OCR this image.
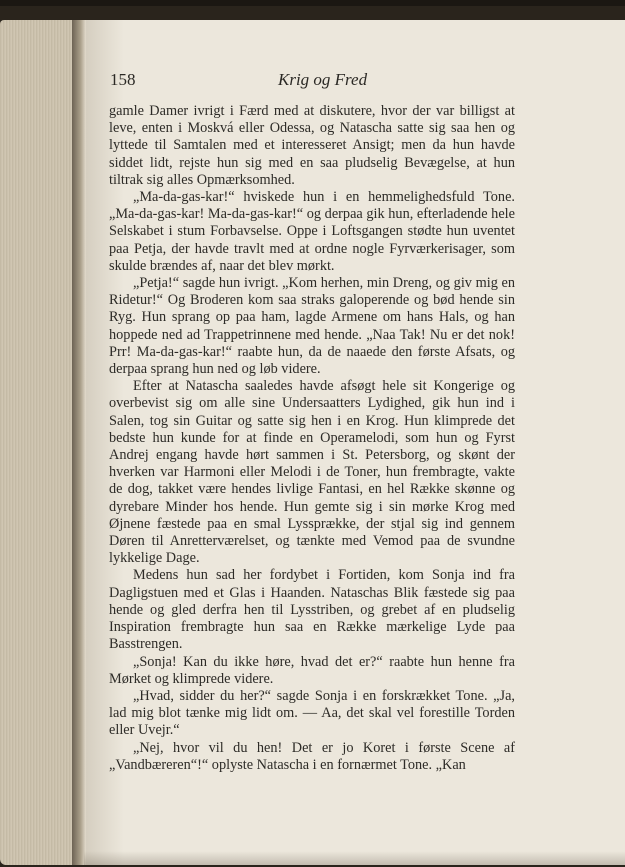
158	Krig og Fred

gamle Damer ivrigt i Færd med at diskutere, hvor der var billigst at leve, enten i Moskvá eller Odessa, og Natascha satte sig saa hen og lyttede til Samtalen med et interesseret Ansigt; men da hun havde siddet lidt, rejste hun sig med en saa pludselig Bevægelse, at hun tiltrak sig alles Opmærksomhed.

„Ma-da-gas-kar!“ hviskede hun i en hemmelighedsfuld Tone. „Ma-da-gas-kar! Ma-da-gas-kar!“ og derpaa gik hun, efterladende hele Selskabet i stum Forbavselse. Oppe i Loftsgangen stødte hun uventet paa Petja, der havde travlt med at ordne nogle Fyrværkerisager, som skulde brændes af, naar det blev mørkt.

„Petja!“ sagde hun ivrigt. „Kom herhen, min Dreng, og giv mig en Ridetur!“ Og Broderen kom saa straks galoperende og bød hende sin Ryg. Hun sprang op paa ham, lagde Armene om hans Hals, og han hoppede ned ad Trappetrinnene med hende. „Naa Tak! Nu er det nok! Prr! Ma-da-gas-kar!“ raabte hun, da de naaede den første Afsats, og derpaa sprang hun ned og løb videre.

Efter at Natascha saaledes havde afsøgt hele sit Kongerige og overbevist sig om alle sine Undersaatters Lydighed, gik hun ind i Salen, tog sin Guitar og satte sig hen i en Krog. Hun klimprede det bedste hun kunde for at finde en Operamelodi, som hun og Fyrst Andrej engang havde hørt sammen i St. Petersborg, og skønt der hverken var Harmoni eller Melodi i de Toner, hun frembragte, vakte de dog, takket være hendes livlige Fantasi, en hel Række skønne og dyrebare Minder hos hende. Hun gemte sig i sin mørke Krog med Øjnene fæstede paa en smal Lyssprække, der stjal sig ind gennem Døren til Anretterværelset, og tænkte med Vemod paa de svundne lykkelige Dage.

Medens hun sad her fordybet i Fortiden, kom Sonja ind fra Dagligstuen med et Glas i Haanden. Nataschas Blik fæstede sig paa hende og gled derfra hen til Lysstriben, og grebet af en pludselig Inspiration frembragte hun saa en Række mærkelige Lyde paa Basstrengen.

„Sonja! Kan du ikke høre, hvad det er?“ raabte hun henne fra Mørket og klimprede videre.

„Hvad, sidder du her?“ sagde Sonja i en forskrækket Tone. „Ja, lad mig blot tænke mig lidt om. — Aa, det skal vel forestille Torden eller Uvejr.“

„Nej, hvor vil du hen! Det er jo Koret i første Scene af „Vandbæreren“!“ oplyste Natascha i en fornærmet Tone. „Kan
